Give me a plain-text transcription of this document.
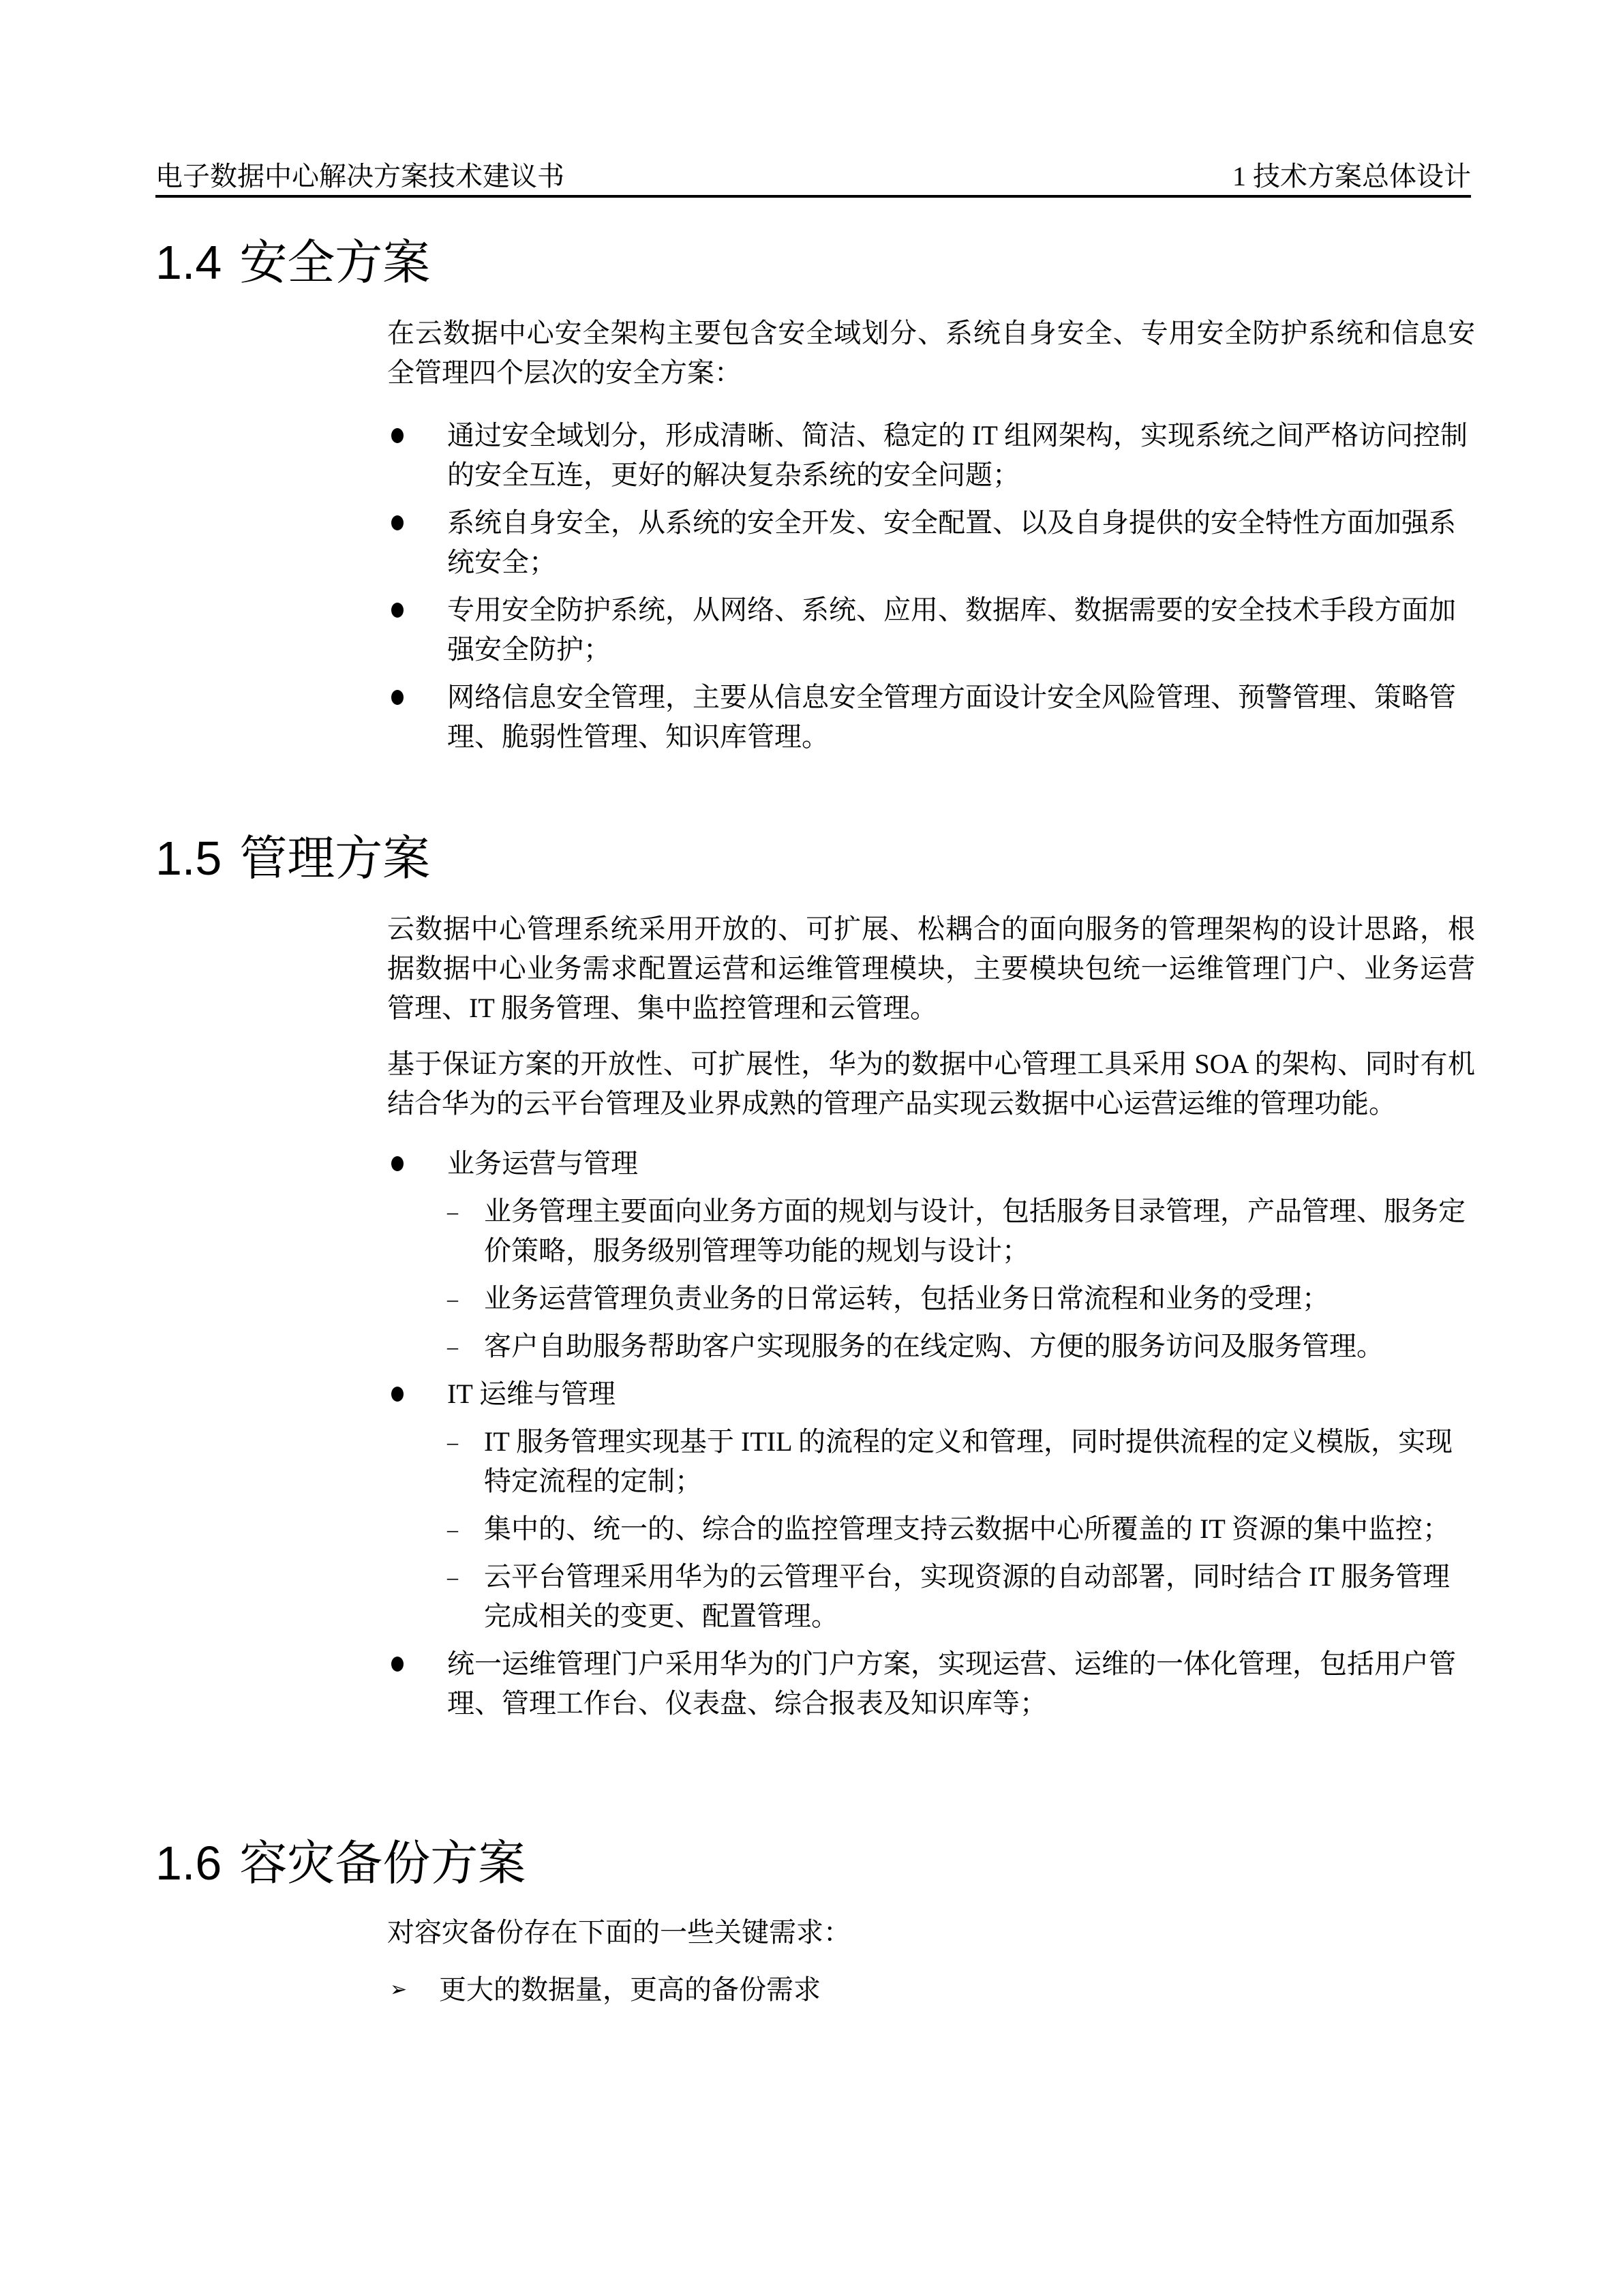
电子数据中心解决方案技术建议书	1 技术方案总体设计
1.4 安全方案

在云数据中心安全架构主要包含安全域划分、系统自身安全、专用安全防护系统和信息安全管理四个层次的安全方案：

通过安全域划分，形成清晰、简洁、稳定的 IT 组网架构，实现系统之间严格访问控制的安全互连，更好的解决复杂系统的安全问题；

系统自身安全，从系统的安全开发、安全配置、以及自身提供的安全特性方面加强系统安全；

专用安全防护系统，从网络、系统、应用、数据库、数据需要的安全技术手段方面加强安全防护；

网络信息安全管理，主要从信息安全管理方面设计安全风险管理、预警管理、策略管理、脆弱性管理、知识库管理。

1.5 管理方案

云数据中心管理系统采用开放的、可扩展、松耦合的面向服务的管理架构的设计思路，根据数据中心业务需求配置运营和运维管理模块，主要模块包统一运维管理门户、业务运营管理、IT 服务管理、集中监控管理和云管理。

基于保证方案的开放性、可扩展性，华为的数据中心管理工具采用 SOA 的架构、同时有机结合华为的云平台管理及业界成熟的管理产品实现云数据中心运营运维的管理功能。

业务运营与管理

– 业务管理主要面向业务方面的规划与设计，包括服务目录管理，产品管理、服务定价策略，服务级别管理等功能的规划与设计；

– 业务运营管理负责业务的日常运转，包括业务日常流程和业务的受理；

– 客户自助服务帮助客户实现服务的在线定购、方便的服务访问及服务管理。

IT 运维与管理

– IT 服务管理实现基于 ITIL 的流程的定义和管理，同时提供流程的定义模版，实现特定流程的定制；

– 集中的、统一的、综合的监控管理支持云数据中心所覆盖的 IT 资源的集中监控；

– 云平台管理采用华为的云管理平台，实现资源的自动部署，同时结合 IT 服务管理完成相关的变更、配置管理。

统一运维管理门户采用华为的门户方案，实现运营、运维的一体化管理，包括用户管理、管理工作台、仪表盘、综合报表及知识库等；

1.6 容灾备份方案

对容灾备份存在下面的一些关键需求：

➢ 更大的数据量，更高的备份需求
